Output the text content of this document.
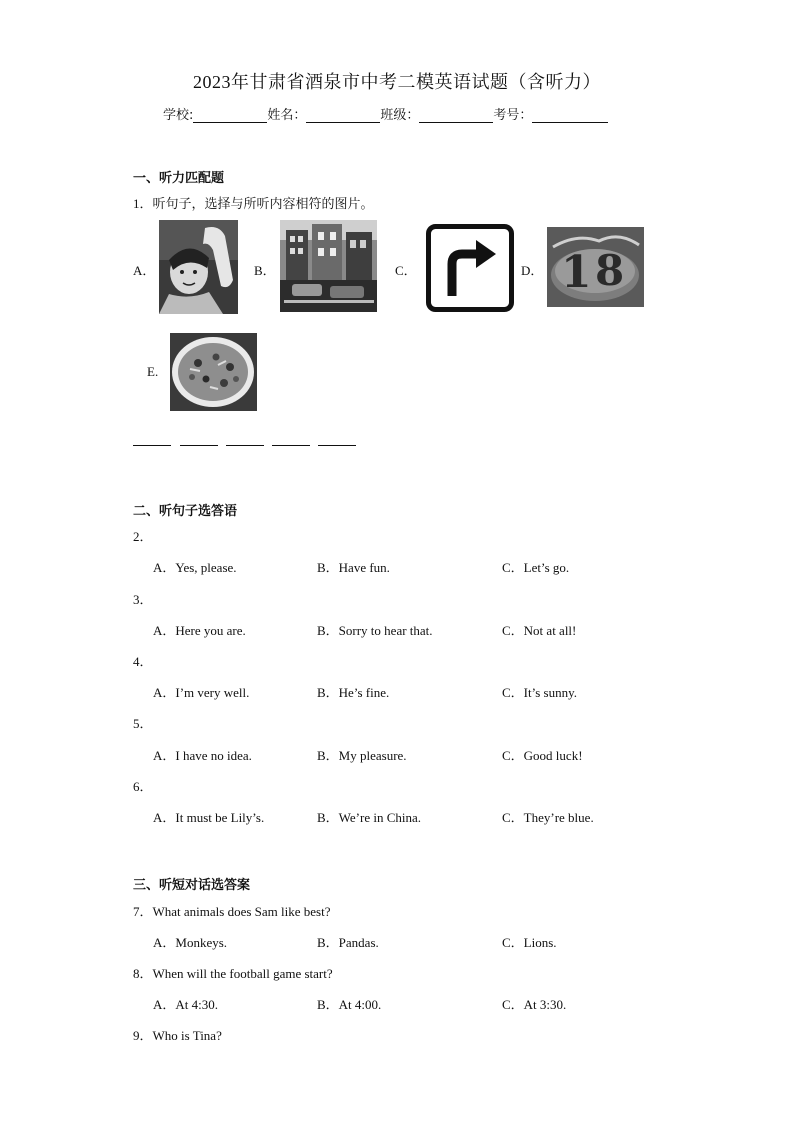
2023年甘肃省酒泉市中考二模英语试题（含听力）
学校:	姓名：	班级：	考号：
一、听力匹配题
1．听句子，选择与所听内容相符的图片。
A．	B．	C．	D．
E.
1 8
二、听句子选答语
2．
A．Yes, please.	B．Have fun.	C．Let’s go.
3．
A．Here you are.	B．Sorry to hear that.	C．Not at all!
4．
A．I’m very well.	B．He’s fine.	C．It’s sunny.
5．
A．I have no idea.	B．My pleasure.	C．Good luck!
6．
A．It must be Lily’s.	B．We’re in China.	C．They’re blue.
三、听短对话选答案
7．What animals does Sam like best?
A．Monkeys.	B．Pandas.	C．Lions.
8．When will the football game start?
A．At 4:30.	B．At 4:00.	C．At 3:30.
9．Who is Tina?
